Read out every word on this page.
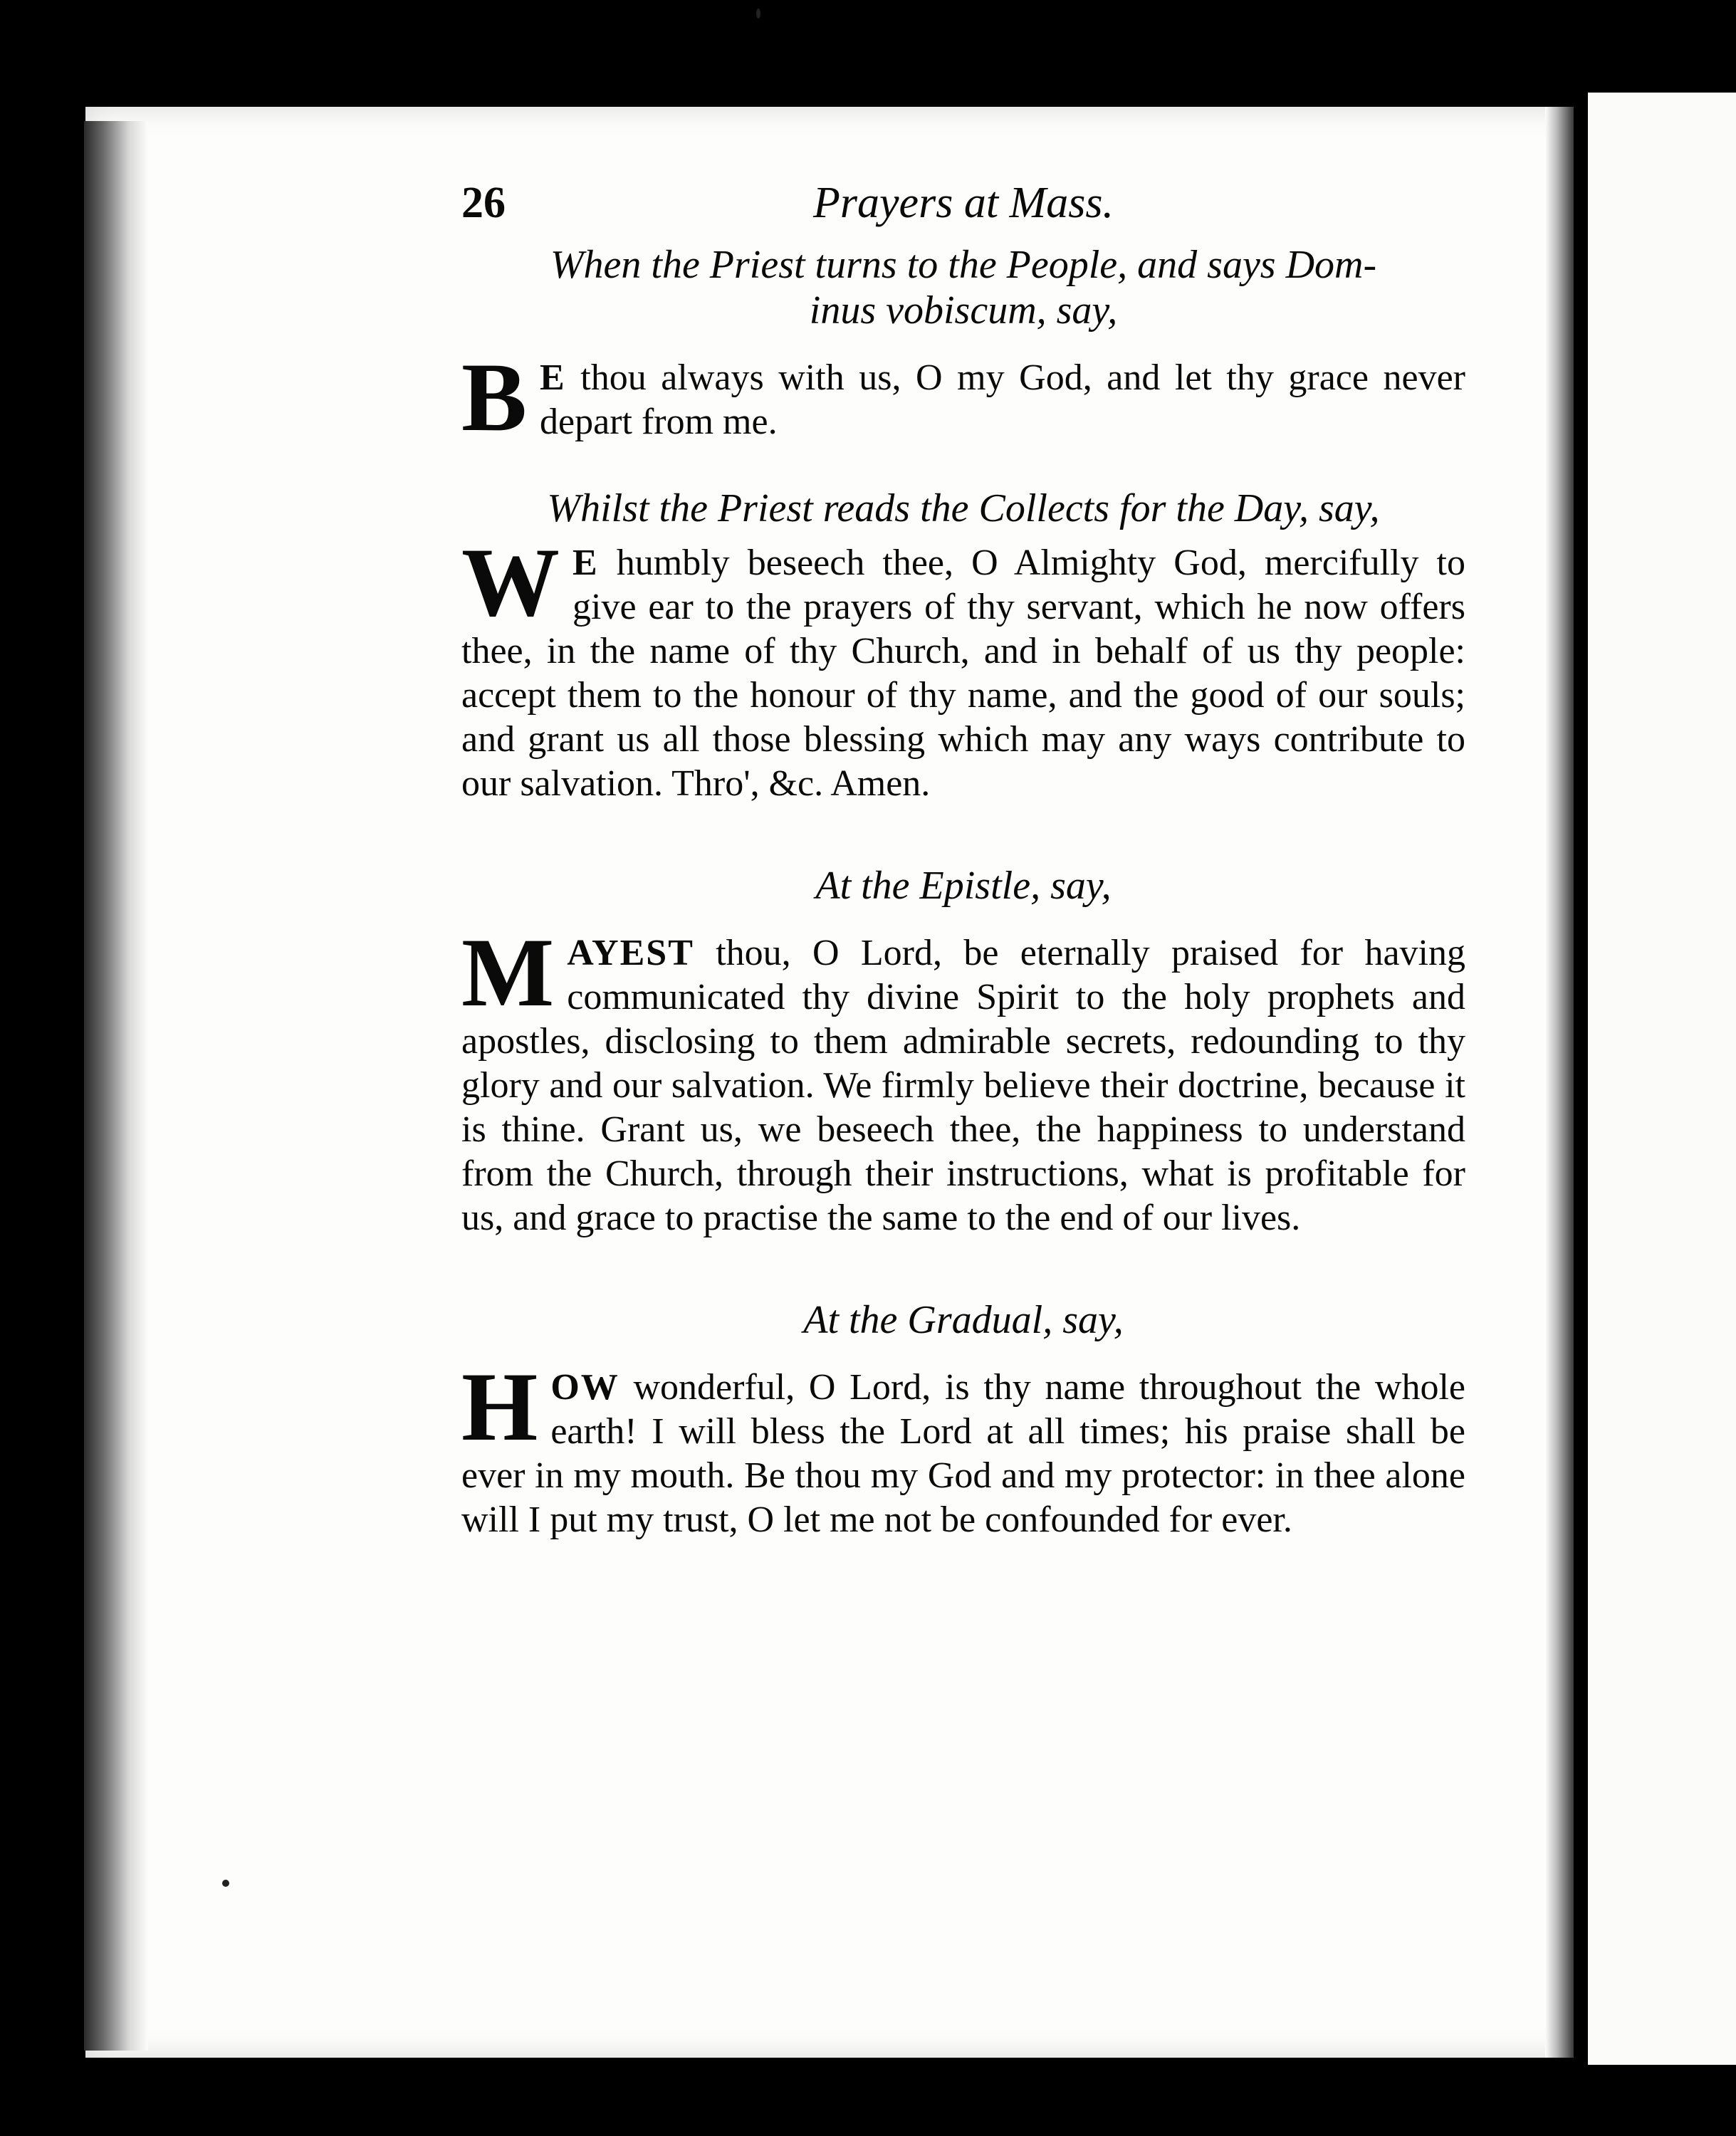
26	Prayers at Mass.

When the Priest turns to the People, and says Dom-

inus vobiscum, say,

B E thou always with us, O my God, and let thy grace never depart from me.

Whilst the Priest reads the Collects for the Day, say,

W E humbly beseech thee, O Almighty God, mercifully to give ear to the prayers of thy servant, which he now offers thee, in the name of thy Church, and in behalf of us thy people: accept them to the honour of thy name, and the good of our souls; and grant us all those blessing which may any ways contribute to our salvation. Thro', &c. Amen.

At the Epistle, say,

MAYEST thou, O Lord, be eternally praised for having communicated thy divine Spirit to the holy prophets and apostles, disclosing to them admirable secrets, redounding to thy glory and our salvation. We firmly believe their doctrine, because it is thine. Grant us, we beseech thee, the happiness to understand from the Church, through their instructions, what is profitable for us, and grace to practise the same to the end of our lives.

At the Gradual, say,

HOW wonderful, O Lord, is thy name throughout the whole earth! I will bless the Lord at all times; his praise shall be ever in my mouth. Be thou my God and my protector: in thee alone will I put my trust, O let me not be confounded for ever.
